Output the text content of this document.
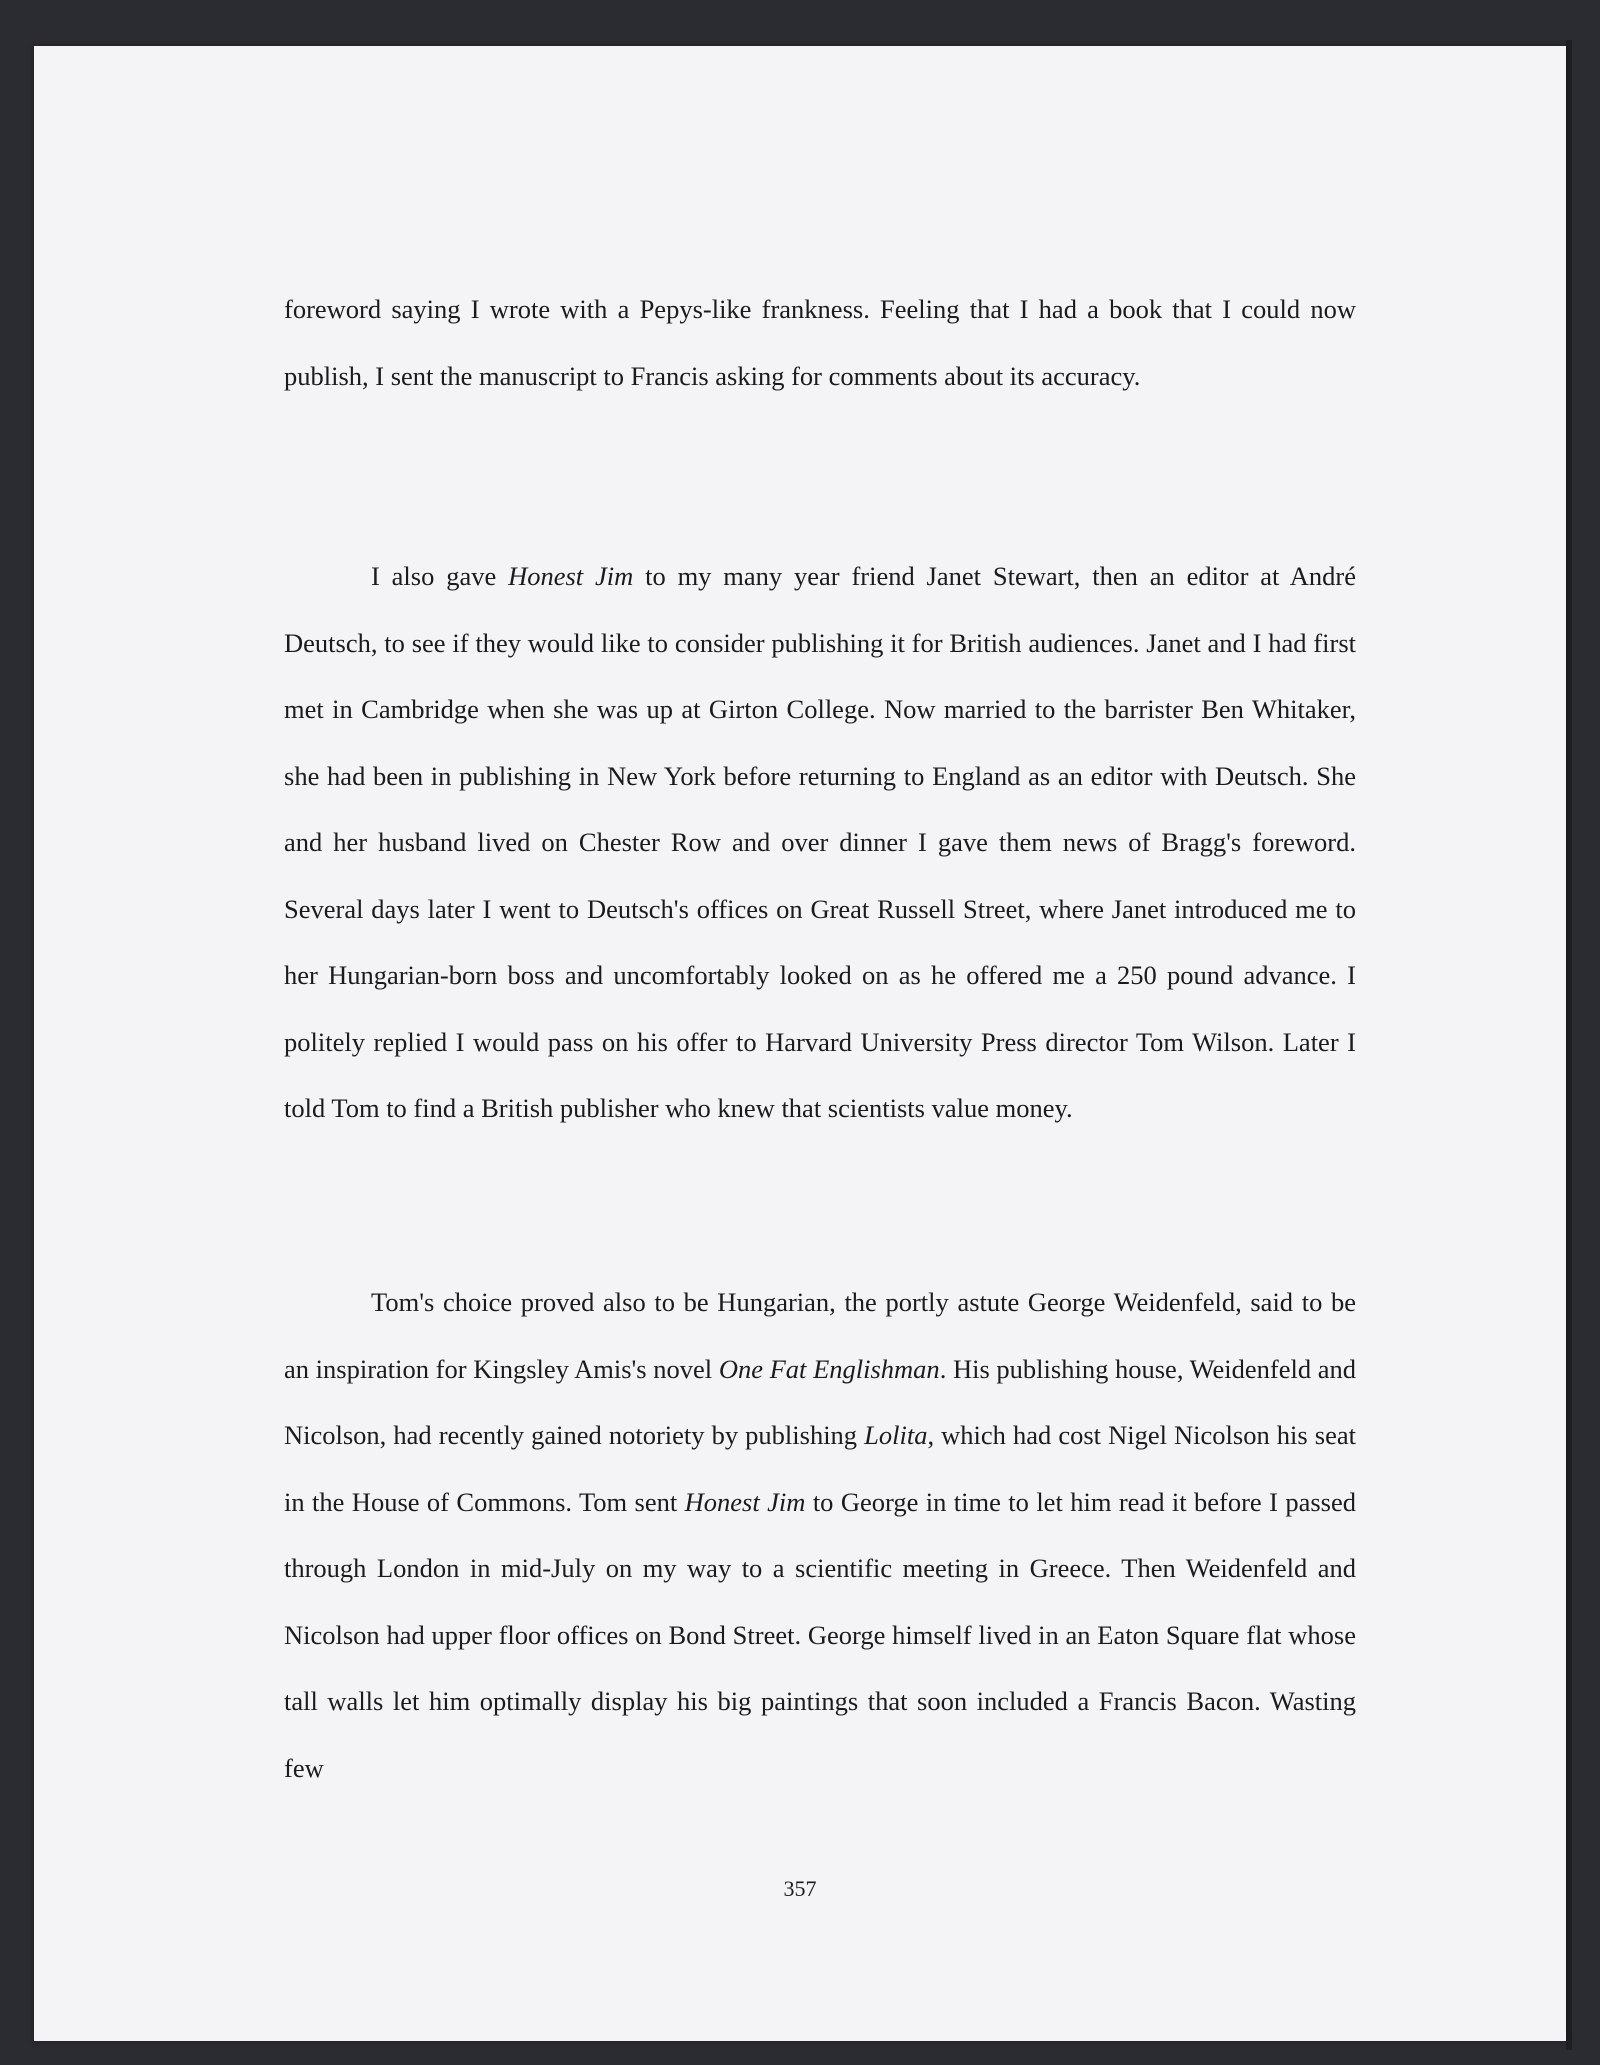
foreword saying I wrote with a Pepys-like frankness. Feeling that I had a book that I could now publish, I sent the manuscript to Francis asking for comments about its accuracy.

I also gave Honest Jim to my many year friend Janet Stewart, then an editor at André Deutsch, to see if they would like to consider publishing it for British audiences. Janet and I had first met in Cambridge when she was up at Girton College. Now married to the barrister Ben Whitaker, she had been in publishing in New York before returning to England as an editor with Deutsch. She and her husband lived on Chester Row and over dinner I gave them news of Bragg's foreword. Several days later I went to Deutsch's offices on Great Russell Street, where Janet introduced me to her Hungarian-born boss and uncomfortably looked on as he offered me a 250 pound advance. I politely replied I would pass on his offer to Harvard University Press director Tom Wilson. Later I told Tom to find a British publisher who knew that scientists value money.

Tom's choice proved also to be Hungarian, the portly astute George Weidenfeld, said to be an inspiration for Kingsley Amis's novel One Fat Englishman. His publishing house, Weidenfeld and Nicolson, had recently gained notoriety by publishing Lolita, which had cost Nigel Nicolson his seat in the House of Commons. Tom sent Honest Jim to George in time to let him read it before I passed through London in mid-July on my way to a scientific meeting in Greece. Then Weidenfeld and Nicolson had upper floor offices on Bond Street. George himself lived in an Eaton Square flat whose tall walls let him optimally display his big paintings that soon included a Francis Bacon. Wasting few

357
